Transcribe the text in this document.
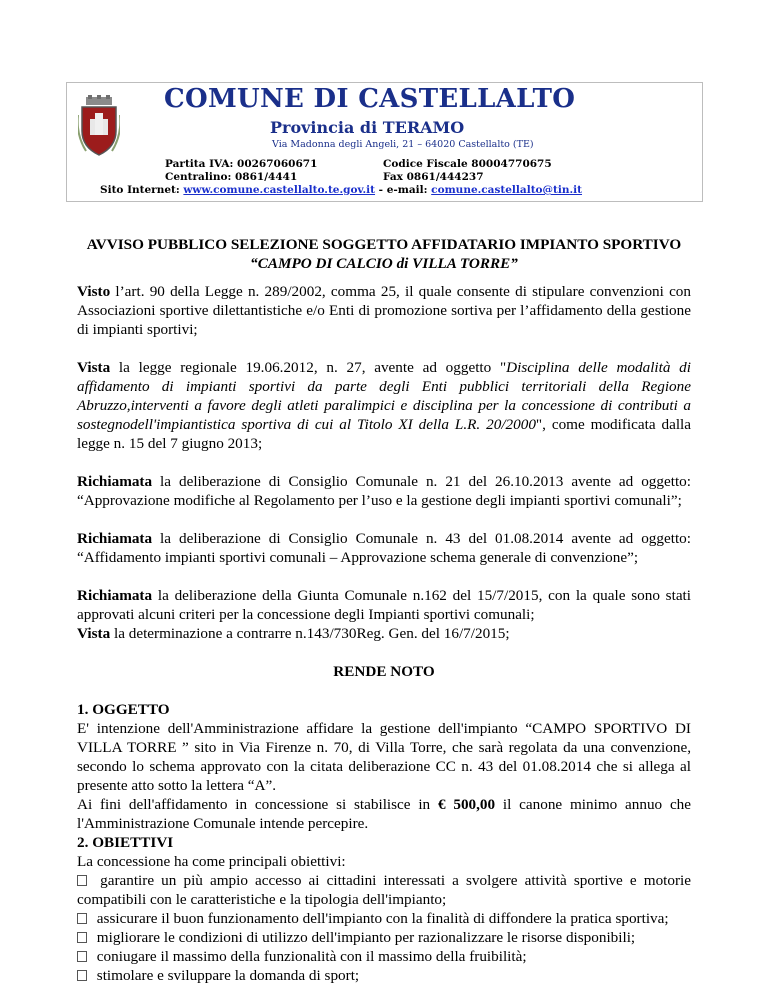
COMUNE DI CASTELLALTO
Provincia di TERAMO
Via Madonna degli Angeli, 21 – 64020 Castellalto (TE)
Partita IVA: 00267060671	Codice Fiscale 80004770675
Centralino: 0861/4441	Fax 0861/444237
Sito Internet: www.comune.castellalto.te.gov.it - e-mail: comune.castellalto@tin.it
AVVISO PUBBLICO SELEZIONE SOGGETTO AFFIDATARIO IMPIANTO SPORTIVO
“CAMPO DI CALCIO di VILLA TORRE”
Visto l’art. 90 della Legge n. 289/2002, comma 25, il quale consente di stipulare convenzioni con Associazioni sportive dilettantistiche e/o Enti di promozione sortiva per l’affidamento della gestione di impianti sportivi;
Vista la legge regionale 19.06.2012, n. 27, avente ad oggetto "Disciplina delle modalità di affidamento di impianti sportivi da parte degli Enti pubblici territoriali della Regione Abruzzo,interventi a favore degli atleti paralimpici e disciplina per la concessione di contributi a sostegnodell'impiantistica sportiva di cui al Titolo XI della L.R. 20/2000", come modificata dalla legge n. 15 del 7 giugno 2013;
Richiamata la deliberazione di Consiglio Comunale n. 21 del 26.10.2013 avente ad oggetto: “Approvazione modifiche al Regolamento per l’uso e la gestione degli impianti sportivi comunali”;
Richiamata la deliberazione di Consiglio Comunale n. 43 del 01.08.2014 avente ad oggetto: “Affidamento impianti sportivi comunali – Approvazione schema generale di convenzione”;
Richiamata la deliberazione della Giunta Comunale n.162 del 15/7/2015, con la quale sono stati approvati alcuni criteri per la concessione degli Impianti sportivi comunali;
Vista la determinazione a contrarre n.143/730Reg. Gen. del 16/7/2015;
RENDE NOTO
1. OGGETTO
E' intenzione dell'Amministrazione affidare la gestione dell'impianto “CAMPO SPORTIVO DI VILLA TORRE ” sito in Via Firenze n. 70, di Villa Torre, che sarà regolata da una convenzione, secondo lo schema approvato con la citata deliberazione CC n. 43 del 01.08.2014 che si allega al presente atto sotto la lettera “A”.
Ai fini dell'affidamento in concessione si stabilisce in € 500,00 il canone minimo annuo che l'Amministrazione Comunale intende percepire.
2. OBIETTIVI
La concessione ha come principali obiettivi:
garantire un più ampio accesso ai cittadini interessati a svolgere attività sportive e motorie compatibili con le caratteristiche e la tipologia dell'impianto;
assicurare il buon funzionamento dell'impianto con la finalità di diffondere la pratica sportiva;
migliorare le condizioni di utilizzo dell'impianto per razionalizzare le risorse disponibili;
coniugare il massimo della funzionalità con il massimo della fruibilità;
stimolare e sviluppare la domanda di sport;
